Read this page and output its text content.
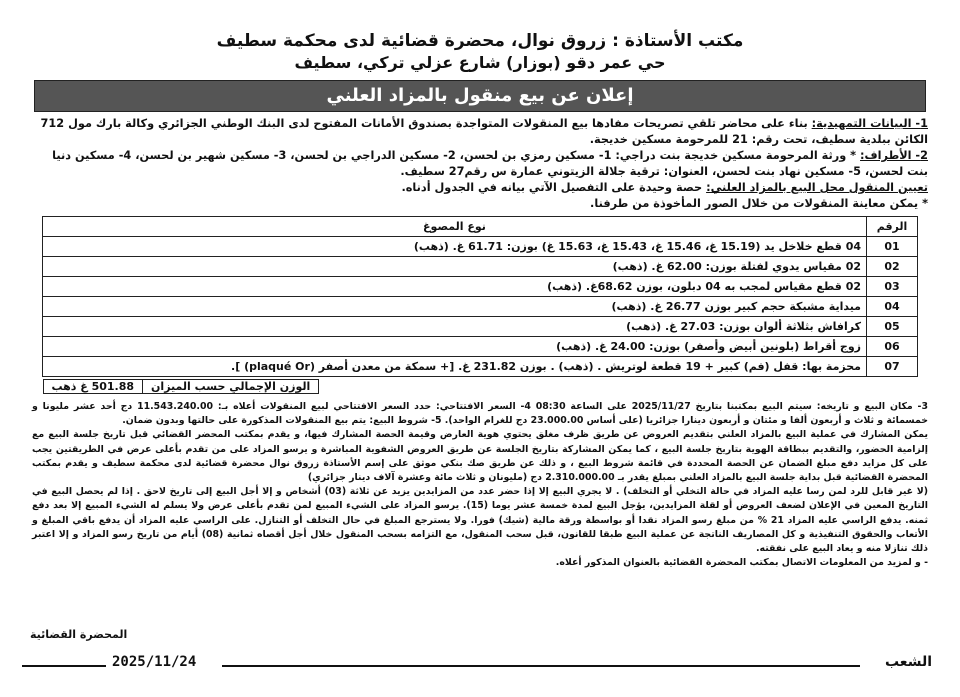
مكتب الأستاذة : زروق نوال، محضرة قضائية لدى محكمة سطيف
حي عمر دقو (بوزار) شارع عزلي تركي، سطيف
إعلان عن بيع منقول بالمزاد العلني

1- البيانات التمهيدية: بناء على محاضر تلقي تصريحات مفادها بيع المنقولات المتواجدة بصندوق الأمانات المفتوح لدى البنك الوطني الجزائري وكالة بارك مول 712 الكائن ببلدية سطيف، تحت رقم: 21 للمرحومة مسكين خديجة.

2- الأطراف: * ورثة المرحومة مسكين خديجة بنت دراجي: 1- مسكين رمزي بن لحسن، 2- مسكين الدراجي بن لحسن، 3- مسكين شهير بن لحسن، 4- مسكين دنيا بنت لحسن، 5- مسكين نهاد بنت لحسن، العنوان: ترقية جلالة الزيتوني عمارة س رقم27 سطيف.

تعيين المنقول محل البيع بالمزاد العلني: حصة وحيدة على التفصيل الآتي بيانه في الجدول أدناه.

* يمكن معاينة المنقولات من خلال الصور المأخوذة من طرفنا.

الرقم	نوع المصوغ
01	04 قطع خلاخل يد (15.19 غ، 15.46 غ، 15.43 غ، 15.63 غ) بوزن: 61.71 غ. (ذهب)
02	02 مقياس يدوي لفتلة بوزن: 62.00 غ. (ذهب)
03	02 قطع مقياس لمجب به 04 دبلون، بوزن 68.62غ. (ذهب)
04	ميداية مشبكة حجم كبير بوزن 26.77 غ. (ذهب)
05	كرافاش بثلاثة ألوان بوزن: 27.03 غ. (ذهب)
06	زوج أقراط (بلونين أبيض وأصفر) بوزن: 24.00 غ. (ذهب)
07	محزمة بها: قفل (فم) كبير + 19 قطعة لوتريش . (ذهب) . بوزن 231.82 غ. [+ سمكة من معدن أصفر (plaqué Or) ].
الوزن الإجمالي حسب الميزان501.88 غ ذهب	

3- مكان البيع و تاريخه: سيتم البيع بمكتبنا بتاريخ 2025/11/27 على الساعة 08:30 4- السعر الافتتاحي: حدد السعر الافتتاحي لبيع المنقولات أعلاه بـ: 11.543.240.00 دج أحد عشر مليونا و خمسمائة و ثلاث و أربعون ألفا و مئتان و أربعون دينارا جزائريا (على أساس 23.000.00 دج للغرام الواحد). 5- شروط البيع: يتم بيع المنقولات المذكورة على حالتها وبدون ضمان.

يمكن المشارك في عملية البيع بالمزاد العلني بتقديم العروض عن طريق ظرف مغلق يحتوي هوية العارض وقيمة الحصة المشارك فيها، و يقدم بمكتب المحضر القضائي قبل تاريخ جلسة البيع مع إلزامية الحضور، والتقديم ببطاقة الهوية بتاريخ جلسة البيع ، كما يمكن المشاركة بتاريخ الجلسة عن طريق العروض الشفوية المباشرة و يرسو المزاد على من تقدم بأعلى عرض في الطريقتين يجب على كل مزايد دفع مبلغ الضمان عن الحصة المحددة في قائمة شروط البيع ، و ذلك عن طريق صك بنكي موثق على إسم الأستاذة زروق نوال محضرة قضائية لدى محكمة سطيف و يقدم بمكتب المحضرة القضائية قبل بداية جلسة البيع بالمزاد العلني بمبلغ يقدر بـ 2.310.000.00 دج (مليونان و ثلاث مائة وعشرة آلاف دينار جزائري)

(لا غير قابل للرد لمن رسا عليه المزاد في حالة التخلي أو التخلف) . لا يجري البيع إلا إذا حضر عدد من المزايدين يزيد عن ثلاثة (03) أشخاص و إلا أجل البيع إلى تاريخ لاحق . إذا لم يحصل البيع في التاريخ المعين في الإعلان لضعف العروض أو لقلة المزايدين، يؤجل البيع لمدة خمسة عشر يوما (15). يرسو المزاد على الشيء المبيع لمن تقدم بأعلى عرض ولا يسلم له الشيء المبيع إلا بعد دفع ثمنه. يدفع الراسي عليه المزاد 21 % من مبلغ رسو المزاد نقدا أو بواسطة ورقة مالية (شيك) فورا. ولا يسترجع المبلغ في حال التخلف أو التنازل. على الراسي عليه المزاد أن يدفع باقي المبلغ و الأتعاب والحقوق التنفيذية و كل المصاريف الناتجة عن عملية البيع طبقا للقانون، قبل سحب المنقول، مع التزامه بسحب المنقول خلال أجل أقصاه ثمانية (08) أيام من تاريخ رسو المزاد و إلا اعتبر ذلك تنازلا منه و يعاد البيع على نفقته.

- و لمزيد من المعلومات الاتصال بمكتب المحضرة القضائية بالعنوان المذكور أعلاه.

المحضرة القضائية
الشعب
2025/11/24
